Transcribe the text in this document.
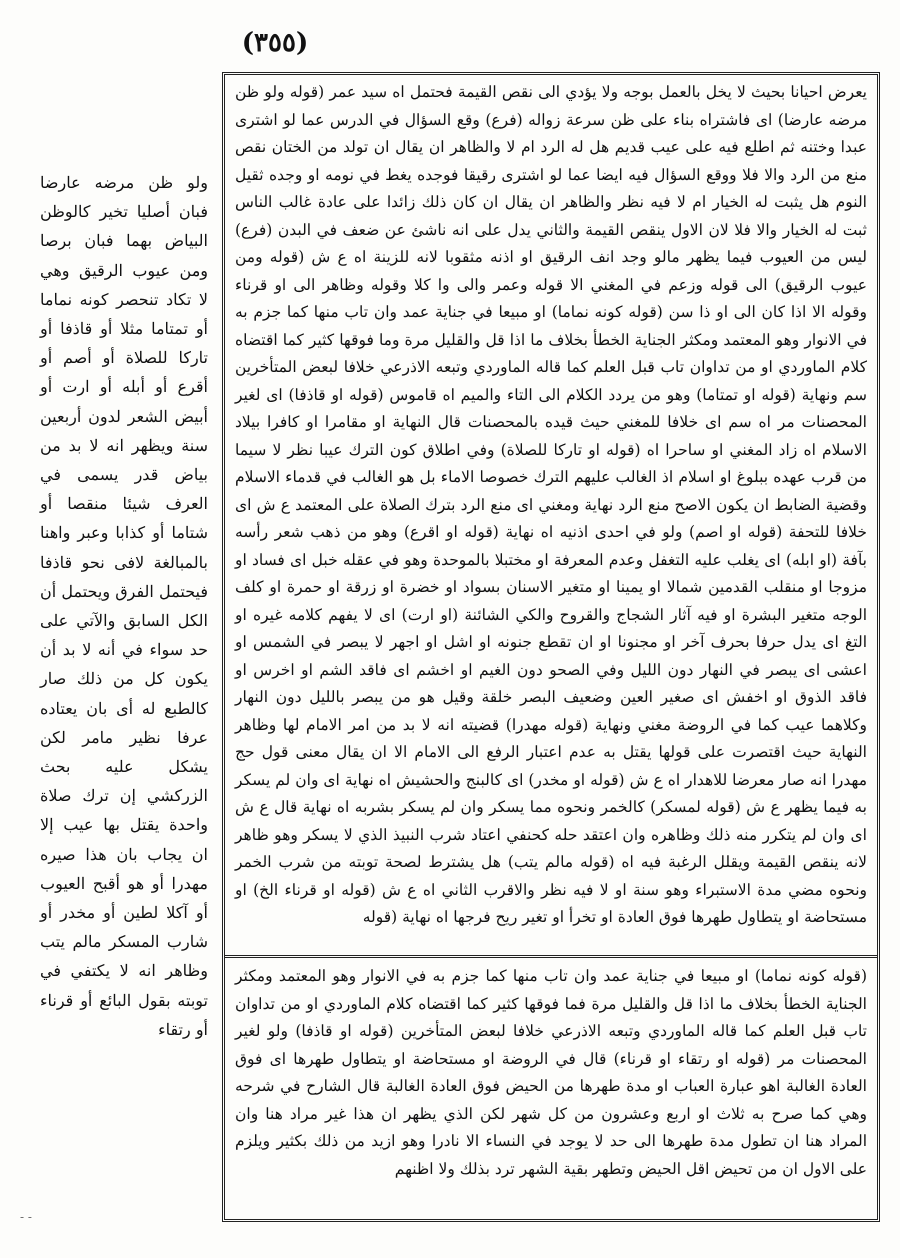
(٣٥٥)
يعرض احيانا بحيث لا يخل بالعمل بوجه ولا يؤدي الى نقص القيمة فحتمل اه سيد عمر (قوله ولو ظن مرضه عارضا) اى فاشتراه بناء على ظن سرعة زواله (فرع) وقع السؤال في الدرس عما لو اشترى عبدا وختنه ثم اطلع فيه على عيب قديم هل له الرد ام لا والظاهر ان يقال ان تولد من الختان نقص منع من الرد والا فلا ووقع السؤال فيه ايضا عما لو اشترى رقيقا فوجده يغط في نومه او وجده ثقيل النوم هل يثبت له الخيار ام لا فيه نظر والظاهر ان يقال ان كان ذلك زائدا على عادة غالب الناس ثبت له الخيار والا فلا لان الاول ينقص القيمة والثاني يدل على انه ناشئ عن ضعف في البدن (فرع) ليس من العيوب فيما يظهر مالو وجد انف الرقيق او اذنه مثقوبا لانه للزينة اه ع ش (قوله ومن عيوب الرقيق) الى قوله وزعم في المغني الا قوله وعمر والى وا كلا وقوله وظاهر الى او قرناء وقوله الا اذا كان الى او ذا سن (قوله كونه نماما) او مبيعا في جناية عمد وان تاب منها كما جزم به في الانوار وهو المعتمد ومكثر الجناية الخطأ بخلاف ما اذا قل والقليل مرة وما فوقها كثير كما اقتضاه كلام الماوردي او من تداوان تاب قبل العلم كما قاله الماوردي وتبعه الاذرعي خلافا لبعض المتأخرين سم ونهاية (قوله او تمتاما) وهو من يردد الكلام الى التاء والميم اه قاموس (قوله او قاذفا) اى لغير المحصنات مر اه سم اى خلافا للمغني حيث قيده بالمحصنات قال النهاية او مقامرا او كافرا بيلاد الاسلام اه زاد المغني او ساحرا اه (قوله او تاركا للصلاة) وفي اطلاق كون الترك عيبا نظر لا سيما من قرب عهده ببلوغ او اسلام اذ الغالب عليهم الترك خصوصا الاماء بل هو الغالب في قدماء الاسلام وقضية الضابط ان يكون الاصح منع الرد نهاية ومغني اى منع الرد بترك الصلاة على المعتمد ع ش اى خلافا للتحفة (قوله او اصم) ولو في احدى اذنيه اه نهاية (قوله او اقرع) وهو من ذهب شعر رأسه بآفة (او ابله) اى يغلب عليه التغفل وعدم المعرفة او مختبلا بالموحدة وهو في عقله خبل اى فساد او مزوجا او منقلب القدمين شمالا او يمينا او متغير الاسنان بسواد او خضرة او زرقة او حمرة او كلف الوجه متغير البشرة او فيه آثار الشجاج والقروح والكي الشائنة (او ارت) اى لا يفهم كلامه غيره او التغ اى يدل حرفا بحرف آخر او مجنونا او ان تقطع جنونه او اشل او اجهر لا يبصر في الشمس او اعشى اى يبصر في النهار دون الليل وفي الصحو دون الغيم او اخشم اى فاقد الشم او اخرس او فاقد الذوق او اخفش اى صغير العين وضعيف البصر خلقة وقيل هو من يبصر بالليل دون النهار وكلاهما عيب كما في الروضة مغني ونهاية (قوله مهدرا) قضيته انه لا بد من امر الامام لها وظاهر النهاية حيث اقتصرت على قولها يقتل به عدم اعتبار الرفع الى الامام الا ان يقال معنى قول حج مهدرا انه صار معرضا للاهدار اه ع ش (قوله او مخدر) اى كالبنج والحشيش اه نهاية اى وان لم يسكر به فيما يظهر ع ش (قوله لمسكر) كالخمر ونحوه مما يسكر وان لم يسكر بشربه اه نهاية قال ع ش اى وان لم يتكرر منه ذلك وظاهره وان اعتقد حله كحنفي اعتاد شرب النبيذ الذي لا يسكر وهو ظاهر لانه ينقص القيمة ويقلل الرغبة فيه اه (قوله مالم يتب) هل يشترط لصحة توبته من شرب الخمر ونحوه مضي مدة الاستبراء وهو سنة او لا فيه نظر والاقرب الثاني اه ع ش (قوله او قرناء الخ) او مستحاضة او يتطاول طهرها فوق العادة او تخرأ او تغير ريح فرجها اه نهاية (قوله
(قوله كونه نماما) او مبيعا في جناية عمد وان تاب منها كما جزم به في الانوار وهو المعتمد ومكثر الجناية الخطأ بخلاف ما اذا قل والقليل مرة فما فوقها كثير كما اقتضاه كلام الماوردي او من تداوان تاب قبل العلم كما قاله الماوردي وتبعه الاذرعي خلافا لبعض المتأخرين (قوله او قاذفا) ولو لغير المحصنات مر (قوله او رتقاء او قرناء) قال في الروضة او مستحاضة او يتطاول طهرها اى فوق العادة الغالبة اهو عبارة العباب او مدة طهرها من الحيض فوق العادة الغالبة قال الشارح في شرحه وهي كما صرح به ثلاث او اربع وعشرون من كل شهر لكن الذي يظهر ان هذا غير مراد هنا وان المراد هنا ان تطول مدة طهرها الى حد لا يوجد في النساء الا نادرا وهو ازيد من ذلك بكثير ويلزم على الاول ان من تحيض اقل الحيض وتطهر بقية الشهر ترد بذلك ولا اظنهم
ولو ظن مرضه عارضا فبان أصليا تخير كالوظن البياض بهما فبان برصا ومن عيوب الرقيق وهي لا تكاد تنحصر كونه نماما أو تمتاما مثلا أو قاذفا أو تاركا للصلاة أو أصم أو أقرع أو أبله أو ارت أو أبيض الشعر لدون أربعين سنة ويظهر انه لا بد من بياض قدر يسمى في العرف شيئا منقصا أو شتاما أو كذابا وعبر واهنا بالمبالغة لافى نحو قاذفا فيحتمل الفرق ويحتمل أن الكل السابق والآتي على حد سواء في أنه لا بد أن يكون كل من ذلك صار كالطبع له أى بان يعتاده عرفا نظير مامر لكن يشكل عليه بحث الزركشي إن ترك صلاة واحدة يقتل بها عيب إلا ان يجاب بان هذا صيره مهدرا أو هو أقبح العيوب أو آكلا لطين أو مخدر أو شارب المسكر مالم يتب وظاهر انه لا يكتفي في توبته بقول البائع أو قرناء أو رتقاء
- -
